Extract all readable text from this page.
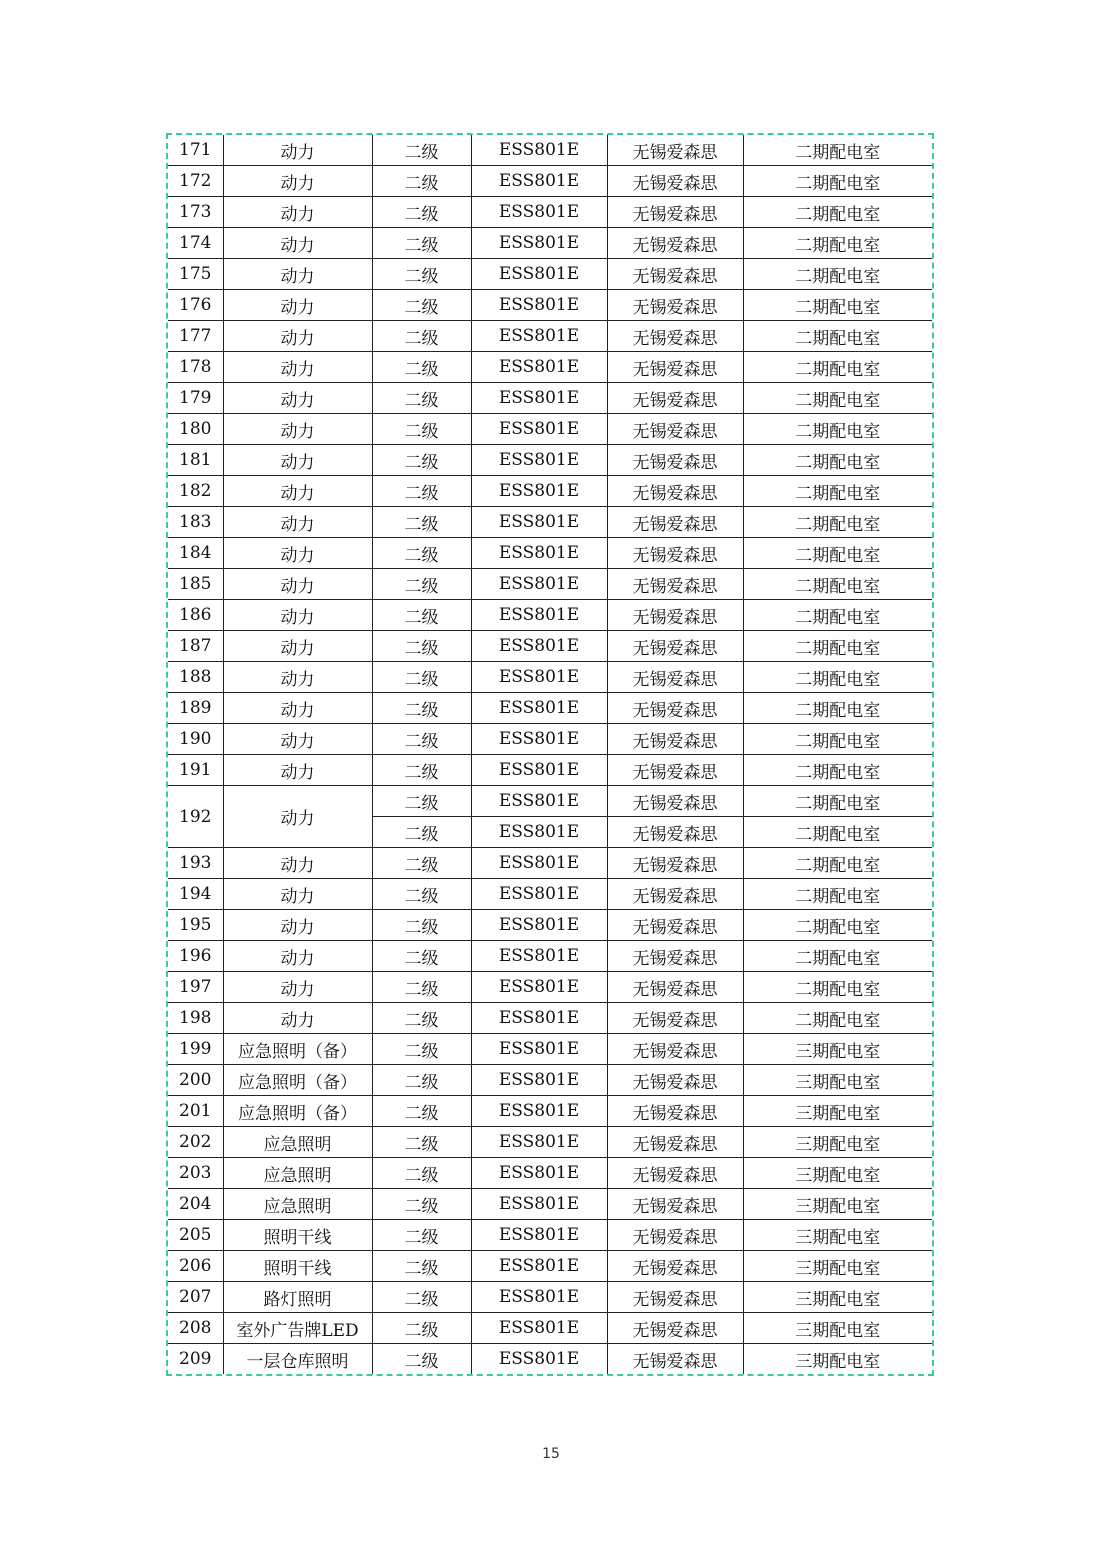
171	动力	二级	ESS801E	无锡爱森思	二期配电室
172	动力	二级	ESS801E	无锡爱森思	二期配电室
173	动力	二级	ESS801E	无锡爱森思	二期配电室
174	动力	二级	ESS801E	无锡爱森思	二期配电室
175	动力	二级	ESS801E	无锡爱森思	二期配电室
176	动力	二级	ESS801E	无锡爱森思	二期配电室
177	动力	二级	ESS801E	无锡爱森思	二期配电室
178	动力	二级	ESS801E	无锡爱森思	二期配电室
179	动力	二级	ESS801E	无锡爱森思	二期配电室
180	动力	二级	ESS801E	无锡爱森思	二期配电室
181	动力	二级	ESS801E	无锡爱森思	二期配电室
182	动力	二级	ESS801E	无锡爱森思	二期配电室
183	动力	二级	ESS801E	无锡爱森思	二期配电室
184	动力	二级	ESS801E	无锡爱森思	二期配电室
185	动力	二级	ESS801E	无锡爱森思	二期配电室
186	动力	二级	ESS801E	无锡爱森思	二期配电室
187	动力	二级	ESS801E	无锡爱森思	二期配电室
188	动力	二级	ESS801E	无锡爱森思	二期配电室
189	动力	二级	ESS801E	无锡爱森思	二期配电室
190	动力	二级	ESS801E	无锡爱森思	二期配电室
191	动力	二级	ESS801E	无锡爱森思	二期配电室
192	动力	二级	ESS801E	无锡爱森思	二期配电室
		二级	ESS801E	无锡爱森思	二期配电室
193	动力	二级	ESS801E	无锡爱森思	二期配电室
194	动力	二级	ESS801E	无锡爱森思	二期配电室
195	动力	二级	ESS801E	无锡爱森思	二期配电室
196	动力	二级	ESS801E	无锡爱森思	二期配电室
197	动力	二级	ESS801E	无锡爱森思	二期配电室
198	动力	二级	ESS801E	无锡爱森思	二期配电室
199	应急照明（备）	二级	ESS801E	无锡爱森思	三期配电室
200	应急照明（备）	二级	ESS801E	无锡爱森思	三期配电室
201	应急照明（备）	二级	ESS801E	无锡爱森思	三期配电室
202	应急照明	二级	ESS801E	无锡爱森思	三期配电室
203	应急照明	二级	ESS801E	无锡爱森思	三期配电室
204	应急照明	二级	ESS801E	无锡爱森思	三期配电室
205	照明干线	二级	ESS801E	无锡爱森思	三期配电室
206	照明干线	二级	ESS801E	无锡爱森思	三期配电室
207	路灯照明	二级	ESS801E	无锡爱森思	三期配电室
208	室外广告牌LED	二级	ESS801E	无锡爱森思	三期配电室
209	一层仓库照明	二级	ESS801E	无锡爱森思	三期配电室
15
